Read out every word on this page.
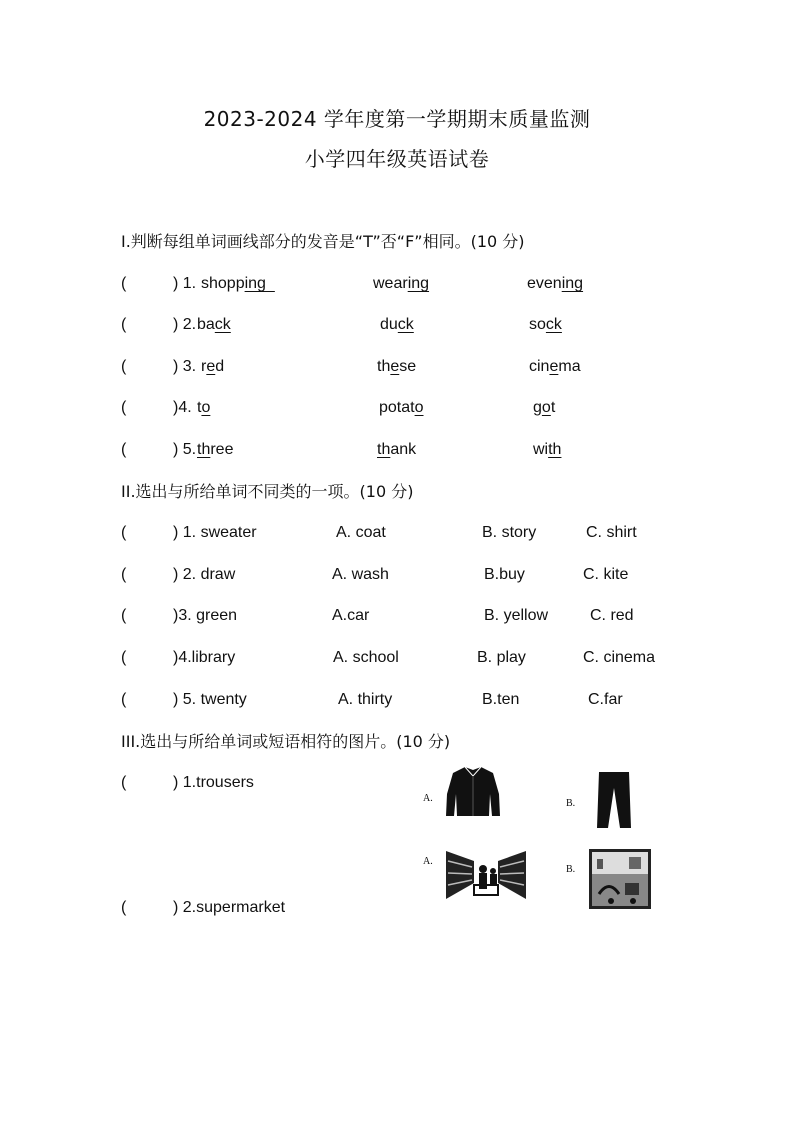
2023-2024 学年度第一学期期末质量监测
小学四年级英语试卷
I.判断每组单词画线部分的发音是“T”否“F”相同。(10 分)
(	) 1. shopping	wearing	evening
(	) 2. back	duck	sock
(	) 3. red	these	cinema
(	)4. to	potato	got
(	) 5. three	thank	with
II.选出与所给单词不同类的一项。(10 分)
(	) 1. sweater	A. coat	B. story	C. shirt
(	) 2. draw	A. wash	B.buy	C. kite
(	)3. green	A.car	B. yellow	C. red
(	)4.library	A. school	B. play	C. cinema
(	) 5. twenty	A. thirty	B.ten	C.far
III.选出与所给单词或短语相符的图片。(10 分)
(	) 1.trousers
A.	B.
A.
B.
(	) 2.supermarket
